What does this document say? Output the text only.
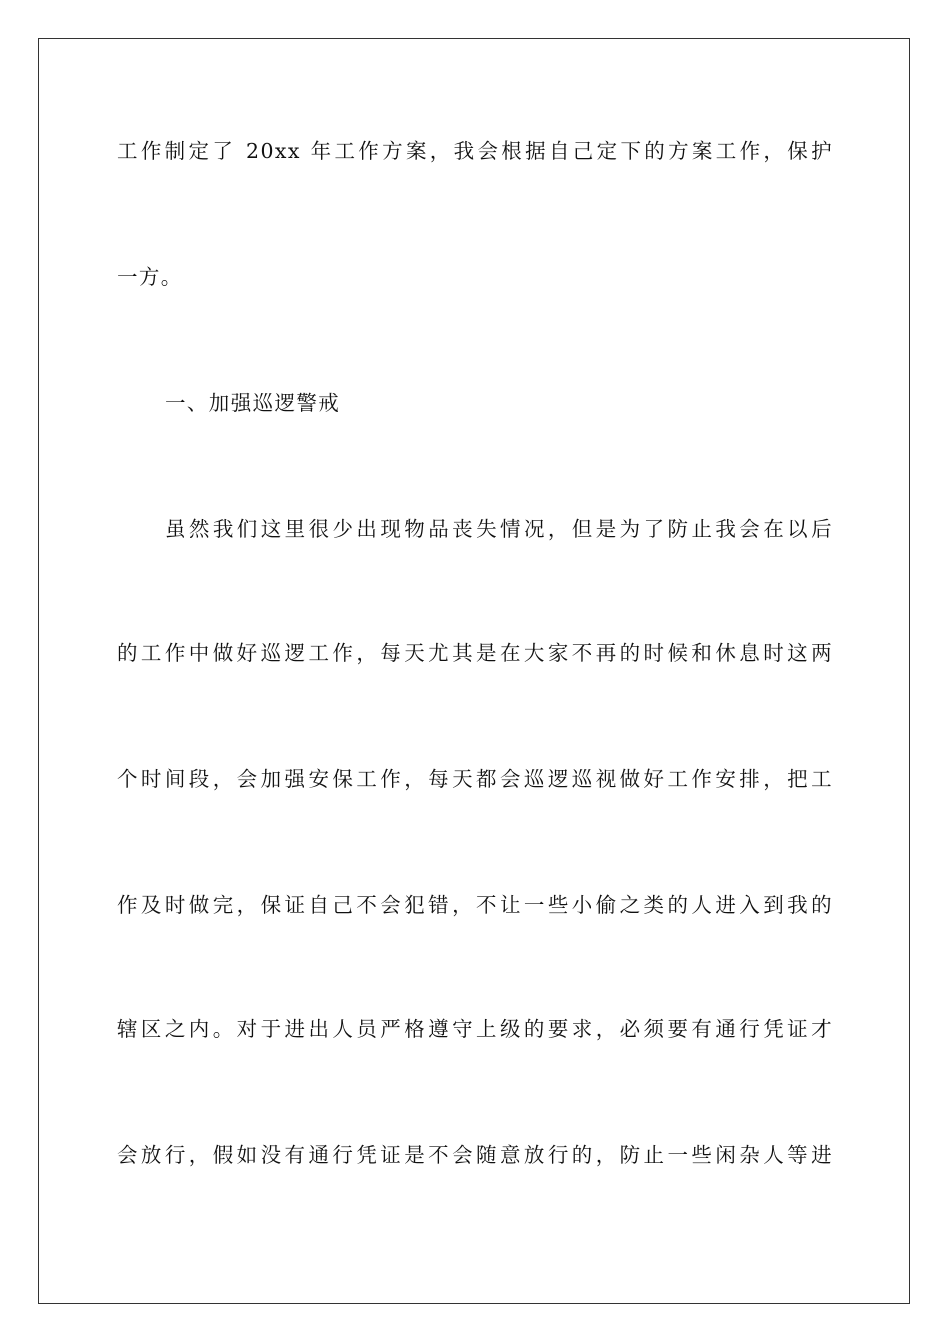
工作制定了 20xx 年工作方案，我会根据自己定下的方案工作，保护
一方。
一、加强巡逻警戒
虽然我们这里很少出现物品丧失情况，但是为了防止我会在以后
的工作中做好巡逻工作，每天尤其是在大家不再的时候和休息时这两
个时间段，会加强安保工作，每天都会巡逻巡视做好工作安排，把工
作及时做完，保证自己不会犯错，不让一些小偷之类的人进入到我的
辖区之内。对于进出人员严格遵守上级的要求，必须要有通行凭证才
会放行，假如没有通行凭证是不会随意放行的，防止一些闲杂人等进
